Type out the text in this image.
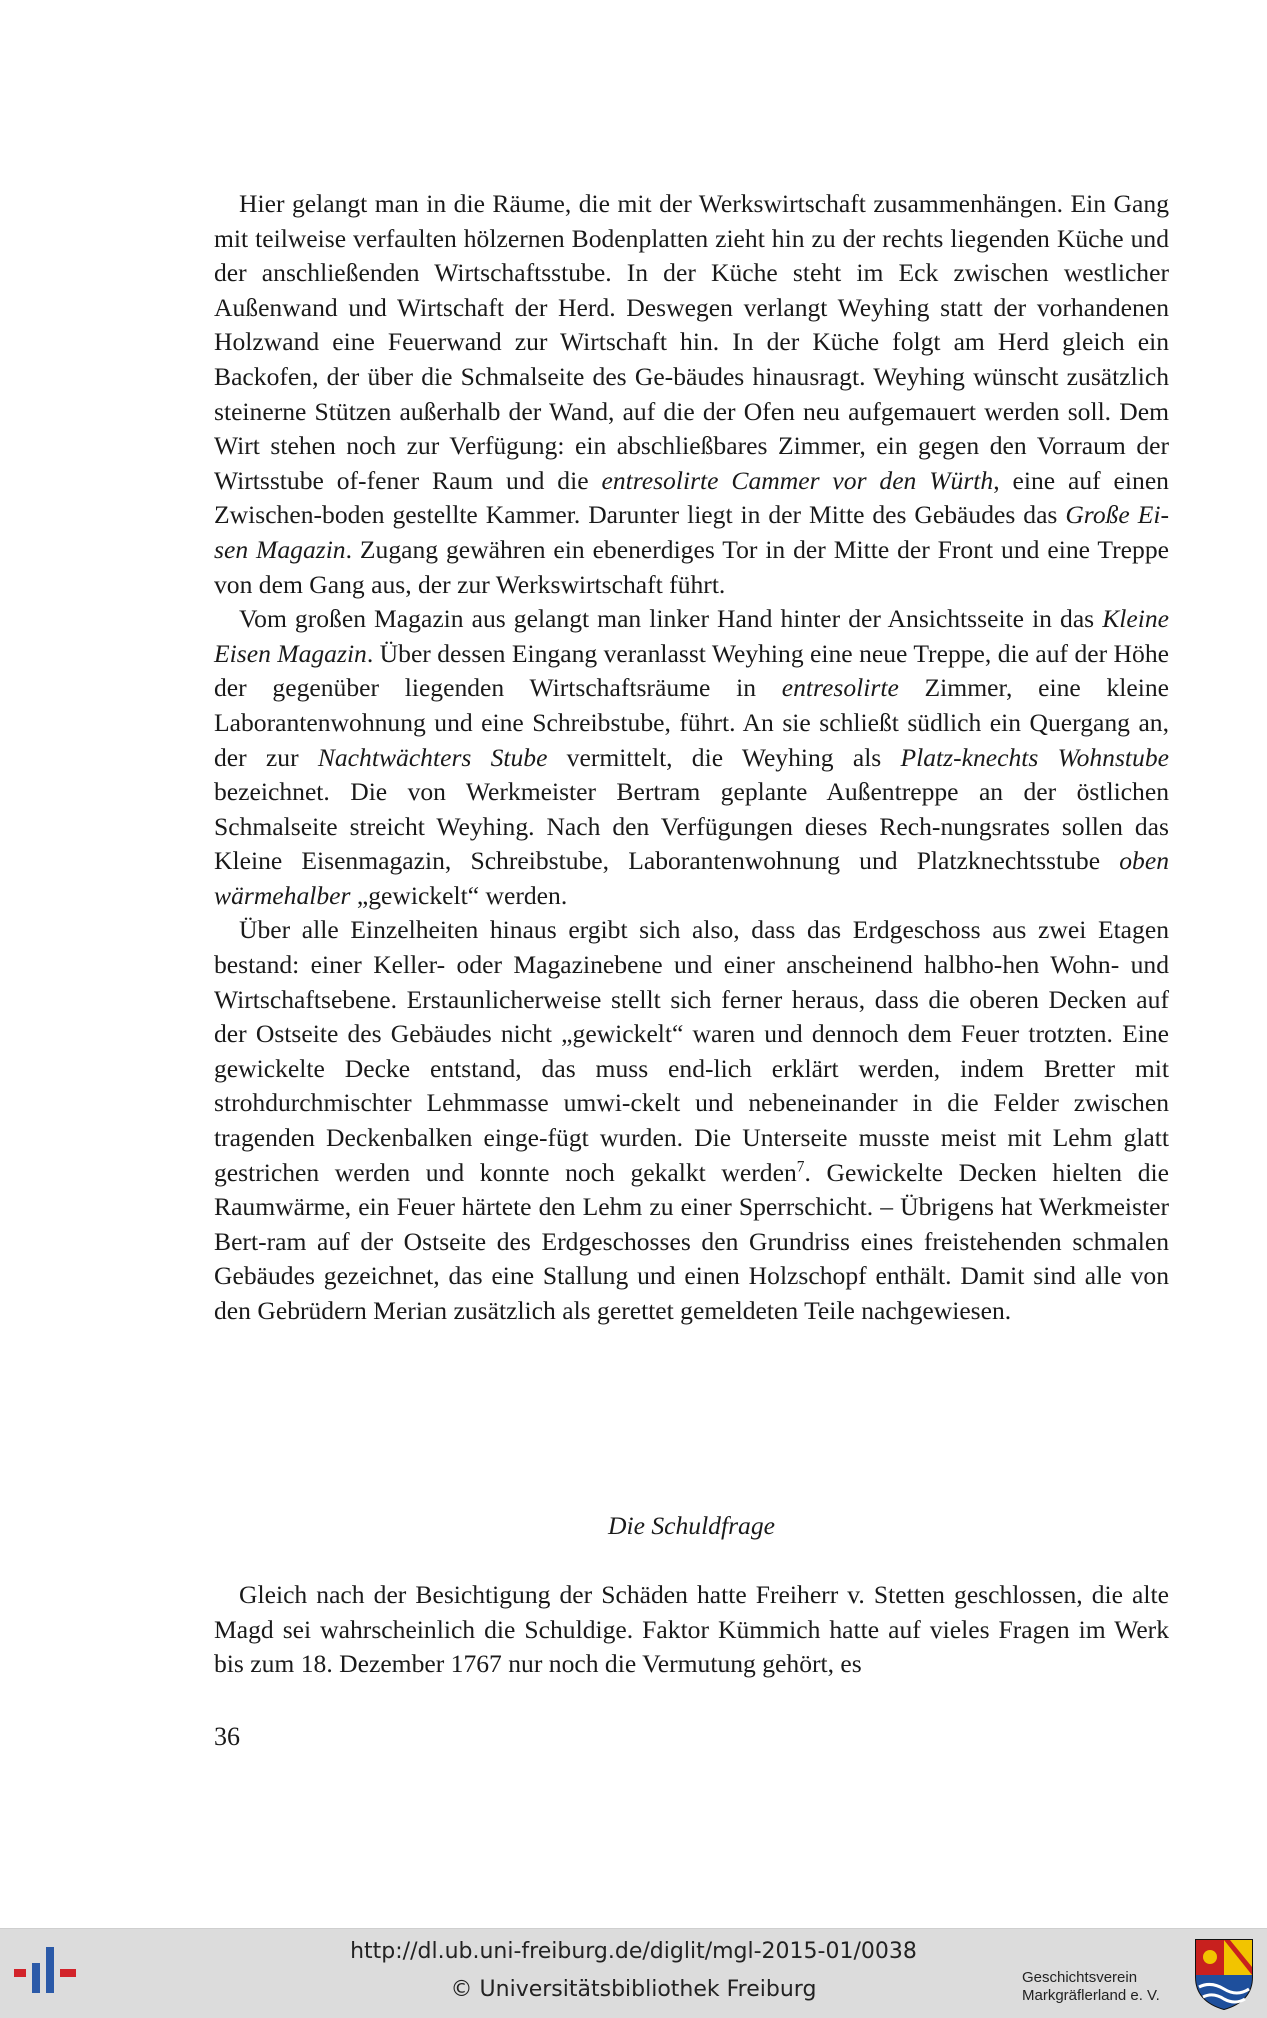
Hier gelangt man in die Räume, die mit der Werkswirtschaft zusammenhängen. Ein Gang mit teilweise verfaulten hölzernen Bodenplatten zieht hin zu der rechts liegenden Küche und der anschließenden Wirtschaftsstube. In der Küche steht im Eck zwischen westlicher Außenwand und Wirtschaft der Herd. Deswegen verlangt Weyhing statt der vorhandenen Holzwand eine Feuerwand zur Wirtschaft hin. In der Küche folgt am Herd gleich ein Backofen, der über die Schmalseite des Ge-bäudes hinausragt. Weyhing wünscht zusätzlich steinerne Stützen außerhalb der Wand, auf die der Ofen neu aufgemauert werden soll. Dem Wirt stehen noch zur Verfügung: ein abschließbares Zimmer, ein gegen den Vorraum der Wirtsstube of-fener Raum und die entresolirte Cammer vor den Würth, eine auf einen Zwischen-boden gestellte Kammer. Darunter liegt in der Mitte des Gebäudes das Große Ei-sen Magazin. Zugang gewähren ein ebenerdiges Tor in der Mitte der Front und eine Treppe von dem Gang aus, der zur Werkswirtschaft führt.

Vom großen Magazin aus gelangt man linker Hand hinter der Ansichtsseite in das Kleine Eisen Magazin. Über dessen Eingang veranlasst Weyhing eine neue Treppe, die auf der Höhe der gegenüber liegenden Wirtschaftsräume in entresolirte Zimmer, eine kleine Laborantenwohnung und eine Schreibstube, führt. An sie schließt südlich ein Quergang an, der zur Nachtwächters Stube vermittelt, die Weyhing als Platz-knechts Wohnstube bezeichnet. Die von Werkmeister Bertram geplante Außentreppe an der östlichen Schmalseite streicht Weyhing. Nach den Verfügungen dieses Rech-nungsrates sollen das Kleine Eisenmagazin, Schreibstube, Laborantenwohnung und Platzknechtsstube oben wärmehalber „gewickelt“ werden.

Über alle Einzelheiten hinaus ergibt sich also, dass das Erdgeschoss aus zwei Etagen bestand: einer Keller- oder Magazinebene und einer anscheinend halbho-hen Wohn- und Wirtschaftsebene. Erstaunlicherweise stellt sich ferner heraus, dass die oberen Decken auf der Ostseite des Gebäudes nicht „gewickelt“ waren und dennoch dem Feuer trotzten. Eine gewickelte Decke entstand, das muss end-lich erklärt werden, indem Bretter mit strohdurchmischter Lehmmasse umwi-ckelt und nebeneinander in die Felder zwischen tragenden Deckenbalken einge-fügt wurden. Die Unterseite musste meist mit Lehm glatt gestrichen werden und konnte noch gekalkt werden$^7$. Gewickelte Decken hielten die Raumwärme, ein Feuer härtete den Lehm zu einer Sperrschicht. – Übrigens hat Werkmeister Bert-ram auf der Ostseite des Erdgeschosses den Grundriss eines freistehenden schmalen Gebäudes gezeichnet, das eine Stallung und einen Holzschopf enthält. Damit sind alle von den Gebrüdern Merian zusätzlich als gerettet gemeldeten Teile nachgewiesen.

Die Schuldfrage

Gleich nach der Besichtigung der Schäden hatte Freiherr v. Stetten geschlossen, die alte Magd sei wahrscheinlich die Schuldige. Faktor Kümmich hatte auf vieles Fragen im Werk bis zum 18. Dezember 1767 nur noch die Vermutung gehört, es

36
http://dl.ub.uni-freiburg.de/diglit/mgl-2015-01/0038
© Universitätsbibliothek Freiburg	Geschichtsverein
Markgräflerland e. V.
